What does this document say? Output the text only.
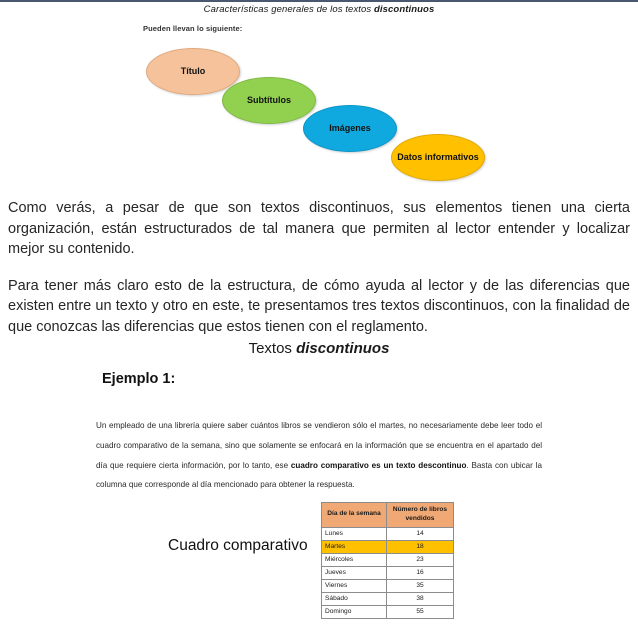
Características generales de los textos discontinuos
Pueden llevan lo siguiente:
Título
Subtítulos
Imágenes
Datos informativos

Como verás, a pesar de que son textos discontinuos, sus elementos tienen una cierta organización, están estructurados de tal manera que permiten al lector entender y localizar mejor su contenido.

Para tener más claro esto de la estructura, de cómo ayuda al lector y de las diferencias que existen entre un texto y otro en este, te presentamos tres textos discontinuos, con la finalidad de que conozcas las diferencias que estos tienen con el reglamento.

Textos discontinuos
Ejemplo 1:
Un empleado de una librería quiere saber cuántos libros se vendieron sólo el martes, no necesariamente debe leer todo el cuadro comparativo de la semana, sino que solamente se enfocará en la información que se encuentra en el apartado del día que requiere cierta información, por lo tanto, ese cuadro comparativo es un texto descontinuo. Basta con ubicar la columna que corresponde al día mencionado para obtener la respuesta.
Cuadro comparativo
Día de la semana	Número de libros vendidos
Lunes	14
Martes	18
Miércoles	23
Jueves	16
Viernes	35
Sábado	38
Domingo	55
